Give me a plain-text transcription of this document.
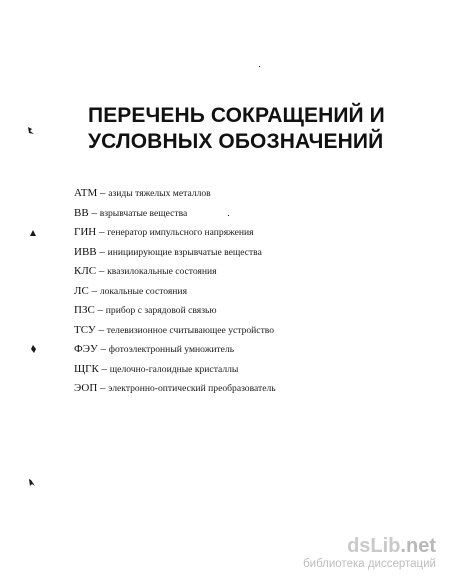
ПЕРЕЧЕНЬ СОКРАЩЕНИЙ И
УСЛОВНЫХ ОБОЗНАЧЕНИЙ
ATM – азиды тяжелых металлов
ВВ – взрывчатые вещества
ГИН – генератор импульсного напряжения
ИВВ – инициирующие взрывчатые вещества
КЛС – квазилокальные состояния
ЛС – локальные состояния
ПЗС – прибор с зарядовой связью
ТСУ – телевизионное считывающее устройство
ФЭУ – фотоэлектронный умножитель
ЩГК – щелочно-галоидные кристаллы
ЭОП – электронно-оптический преобразователь
dsLib.net
библиотека диссертаций
